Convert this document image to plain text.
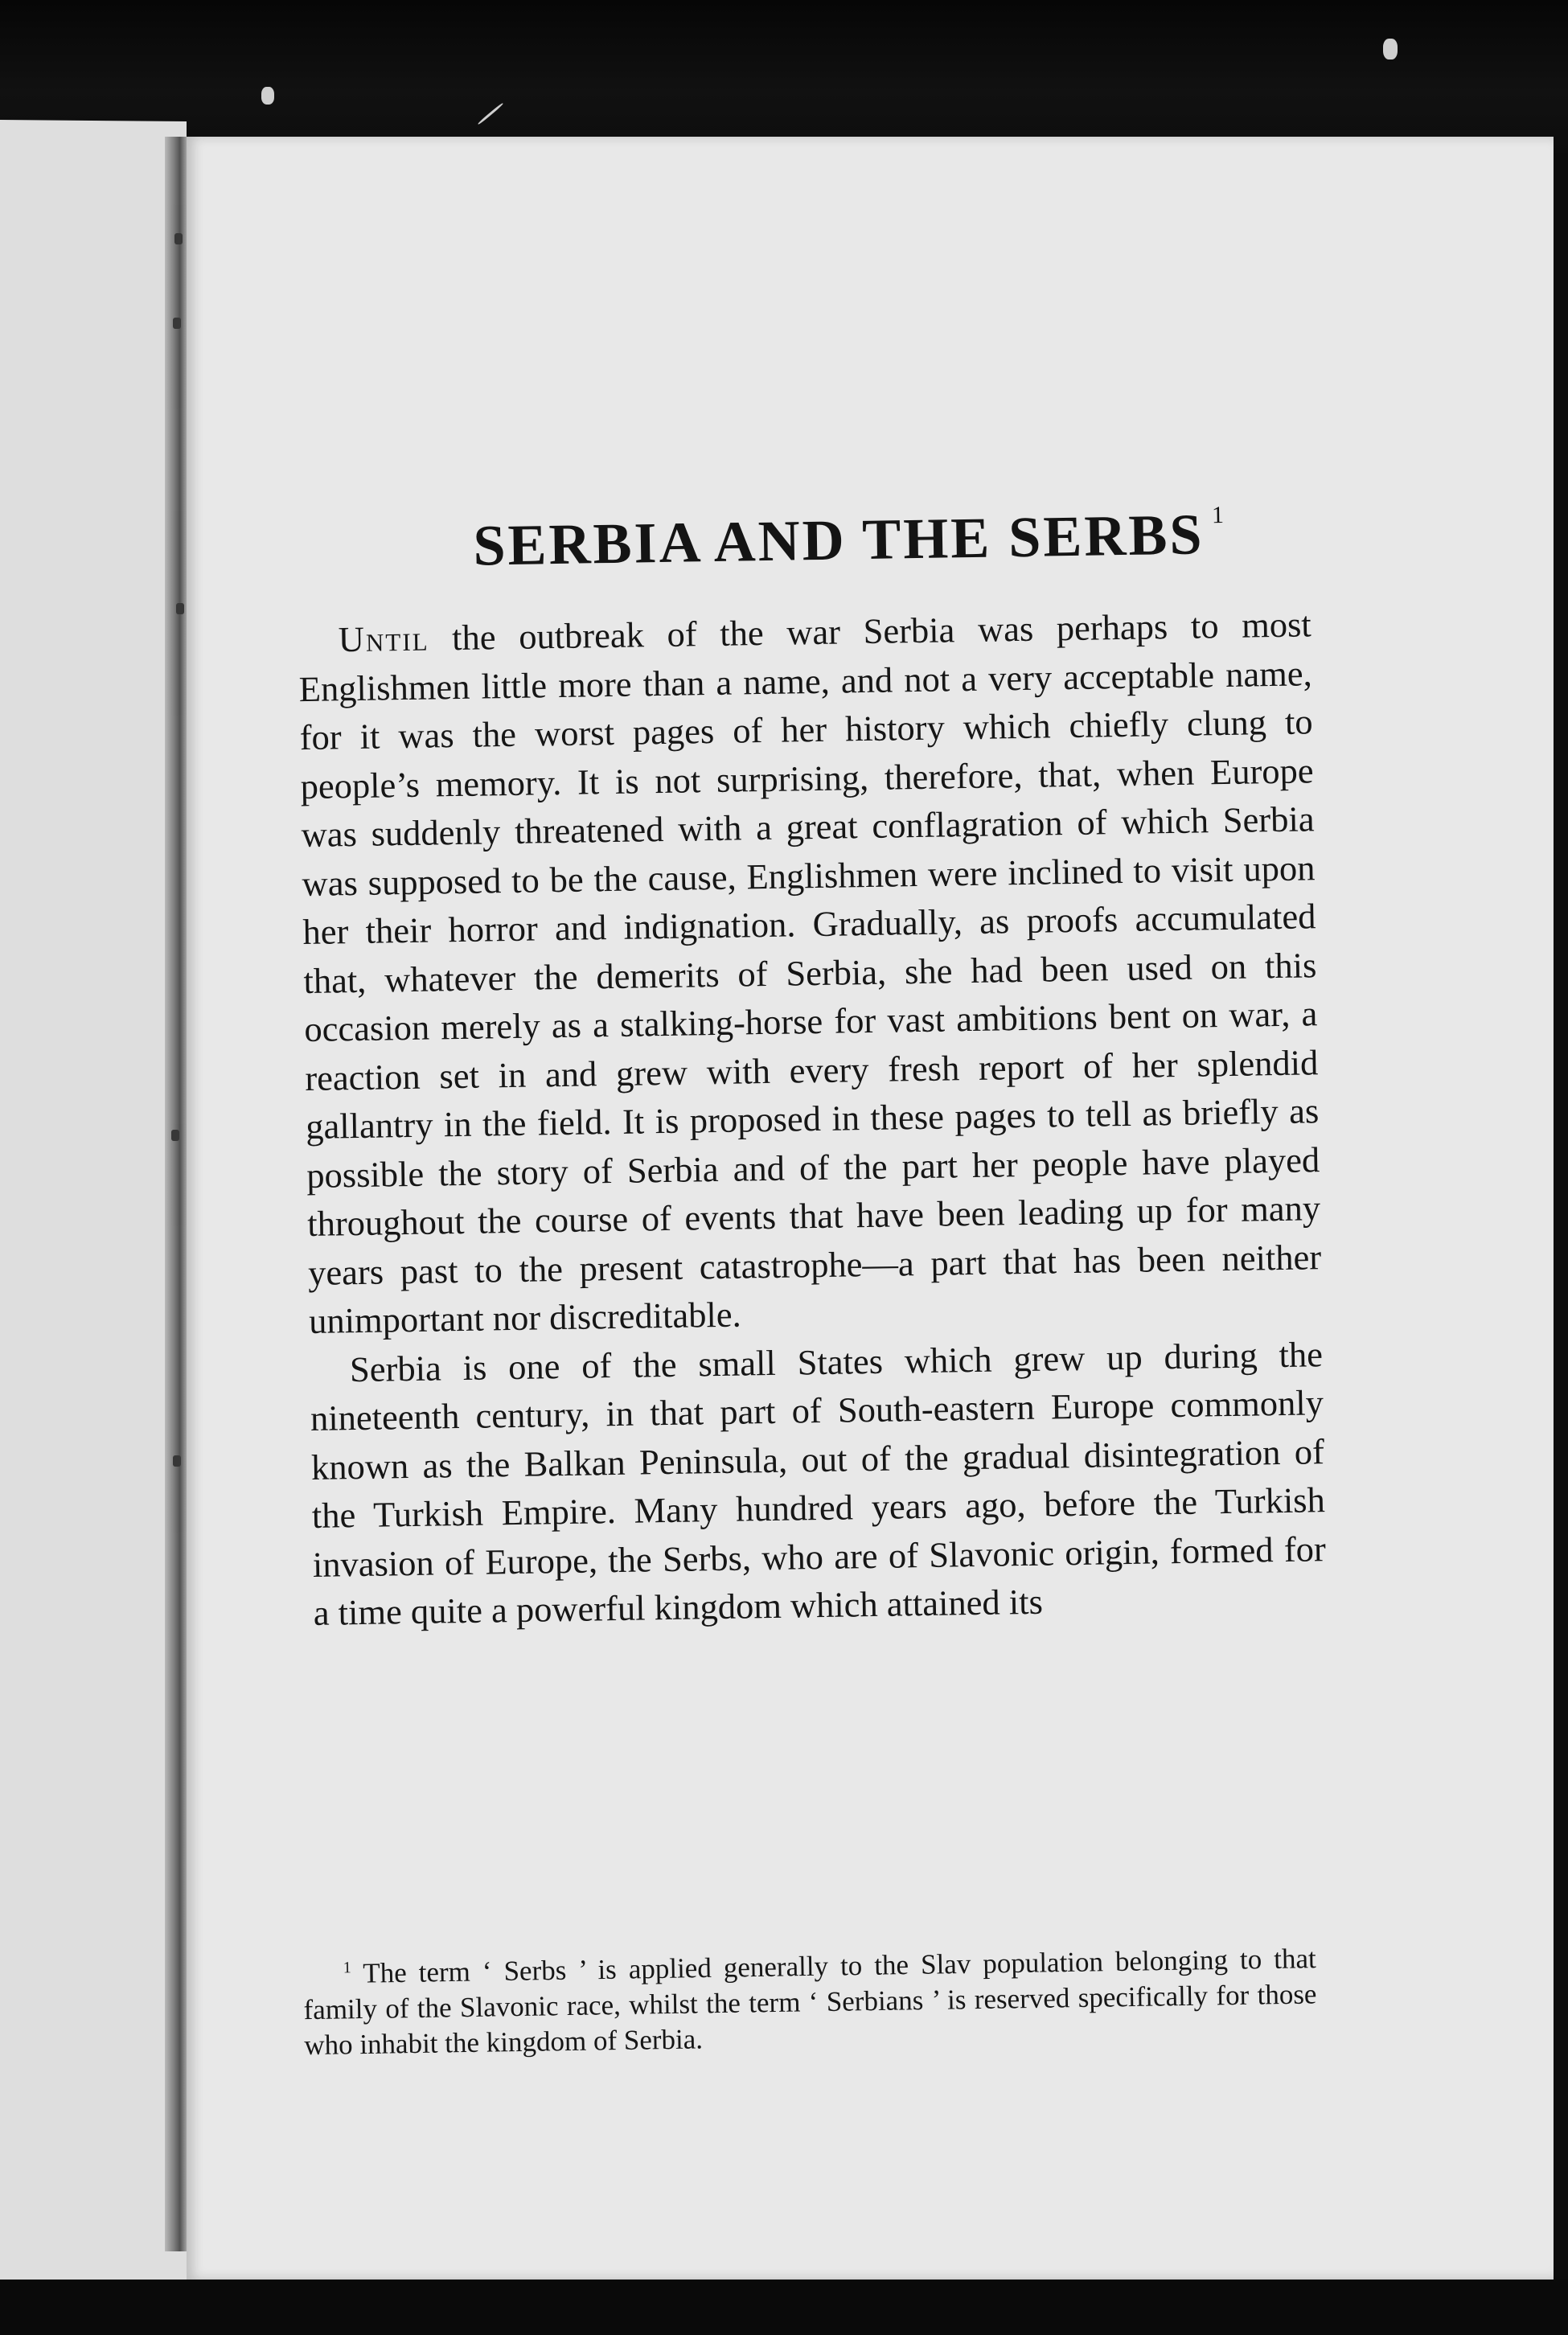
SERBIA AND THE SERBS $^1$

Until the outbreak of the war Serbia was perhaps to most Englishmen little more than a name, and not a very acceptable name, for it was the worst pages of her history which chiefly clung to people’s memory. It is not surprising, therefore, that, when Europe was suddenly threatened with a great conflagration of which Serbia was supposed to be the cause, Englishmen were inclined to visit upon her their horror and indignation. Gradually, as proofs accumulated that, whatever the demerits of Serbia, she had been used on this occasion merely as a stalking-horse for vast ambitions bent on war, a reaction set in and grew with every fresh report of her splendid gallantry in the field. It is proposed in these pages to tell as briefly as possible the story of Serbia and of the part her people have played throughout the course of events that have been leading up for many years past to the present catastrophe—a part that has been neither unimportant nor discreditable.

Serbia is one of the small States which grew up during the nineteenth century, in that part of South-eastern Europe commonly known as the Balkan Peninsula, out of the gradual disintegration of the Turkish Empire. Many hundred years ago, before the Turkish invasion of Europe, the Serbs, who are of Slavonic origin, formed for a time quite a powerful kingdom which attained its

$^1$ The term ‘ Serbs ’ is applied generally to the Slav population belonging to that family of the Slavonic race, whilst the term ‘ Serbians ’ is reserved specifically for those who inhabit the kingdom of Serbia.
